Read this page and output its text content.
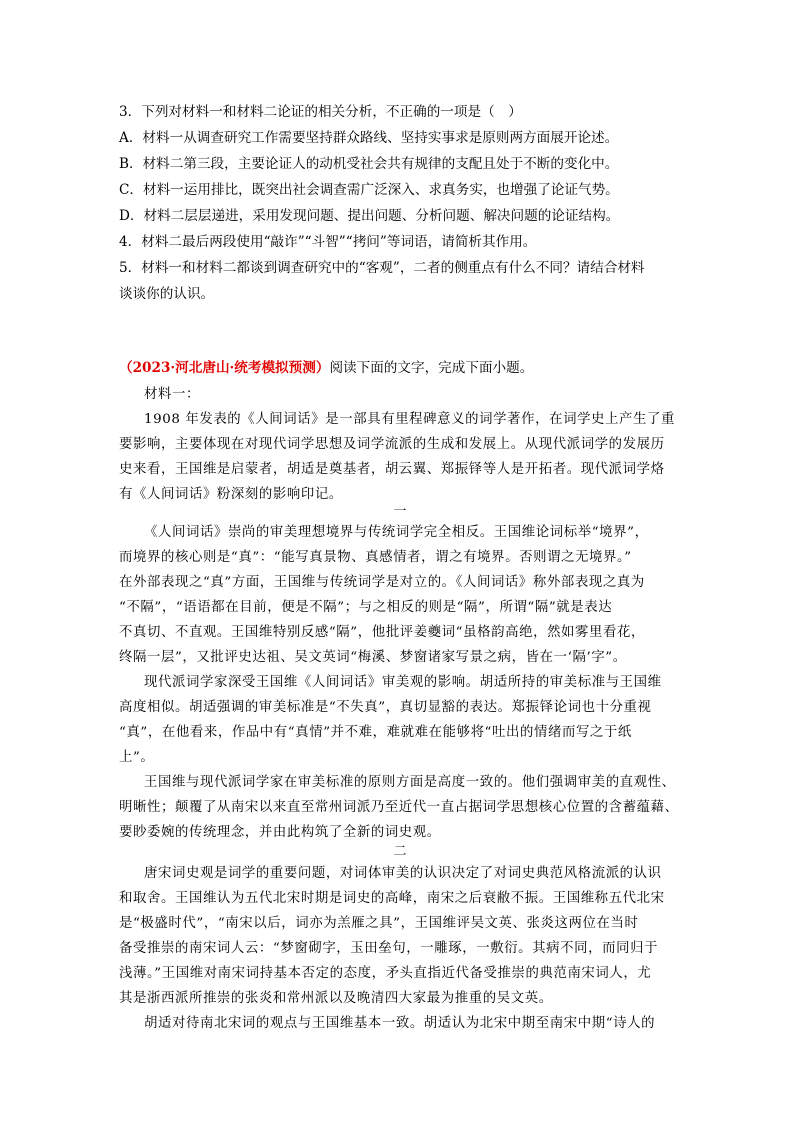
3．下列对材料一和材料二论证的相关分析，不正确的一项是（　）
A．材料一从调查研究工作需要坚持群众路线、坚持实事求是原则两方面展开论述。
B．材料二第三段，主要论证人的动机受社会共有规律的支配且处于不断的变化中。
C．材料一运用排比，既突出社会调查需广泛深入、求真务实，也增强了论证气势。
D．材料二层层递进，采用发现问题、提出问题、分析问题、解决问题的论证结构。
4．材料二最后两段使用“敲诈”“斗智”“拷问”等词语，请简析其作用。
5．材料一和材料二都谈到调查研究中的“客观”，二者的侧重点有什么不同？请结合材料
谈谈你的认识。
（2023·河北唐山·统考模拟预测）阅读下面的文字，完成下面小题。
材料一：
1908 年发表的《人间词话》是一部具有里程碑意义的词学著作，在词学史上产生了重
要影响，主要体现在对现代词学思想及词学流派的生成和发展上。从现代派词学的发展历
史来看，王国维是启蒙者，胡适是奠基者，胡云翼、郑振铎等人是开拓者。现代派词学烙
有《人间词话》粉深刻的影响印记。
一
《人间词话》崇尚的审美理想境界与传统词学完全相反。王国维论词标举“境界”，
而境界的核心则是“真”：“能写真景物、真感情者，谓之有境界。否则谓之无境界。”
在外部表现之“真”方面，王国维与传统词学是对立的。《人间词话》称外部表现之真为
“不隔”，“语语都在目前，便是不隔”；与之相反的则是“隔”，所谓“隔”就是表达
不真切、不直观。王国维特别反感“隔”，他批评姜夔词“虽格韵高绝，然如雾里看花，
终隔一层”，又批评史达祖、吴文英词“梅溪、梦窗诸家写景之病，皆在一‘隔’字”。
现代派词学家深受王国维《人间词话》审美观的影响。胡适所持的审美标准与王国维
高度相似。胡适强调的审美标准是“不失真”，真切显豁的表达。郑振铎论词也十分重视
“真”，在他看来，作品中有“真情”并不难，难就难在能够将“吐出的情绪而写之于纸
上”。
王国维与现代派词学家在审美标准的原则方面是高度一致的。他们强调审美的直观性、
明晰性；颠覆了从南宋以来直至常州词派乃至近代一直占据词学思想核心位置的含蓄蕴藉、
要眇委婉的传统理念，并由此构筑了全新的词史观。
二
唐宋词史观是词学的重要问题，对词体审美的认识决定了对词史典范风格流派的认识
和取舍。王国维认为五代北宋时期是词史的高峰，南宋之后衰敝不振。王国维称五代北宋
是“极盛时代”，“南宋以后，词亦为羔雁之具”，王国维评吴文英、张炎这两位在当时
备受推崇的南宋词人云：“梦窗砌字，玉田垒句，一雕琢，一敷衍。其病不同，而同归于
浅薄。”王国维对南宋词持基本否定的态度，矛头直指近代备受推崇的典范南宋词人，尤
其是浙西派所推崇的张炎和常州派以及晚清四大家最为推重的吴文英。
胡适对待南北宋词的观点与王国维基本一致。胡适认为北宋中期至南宋中期“诗人的
